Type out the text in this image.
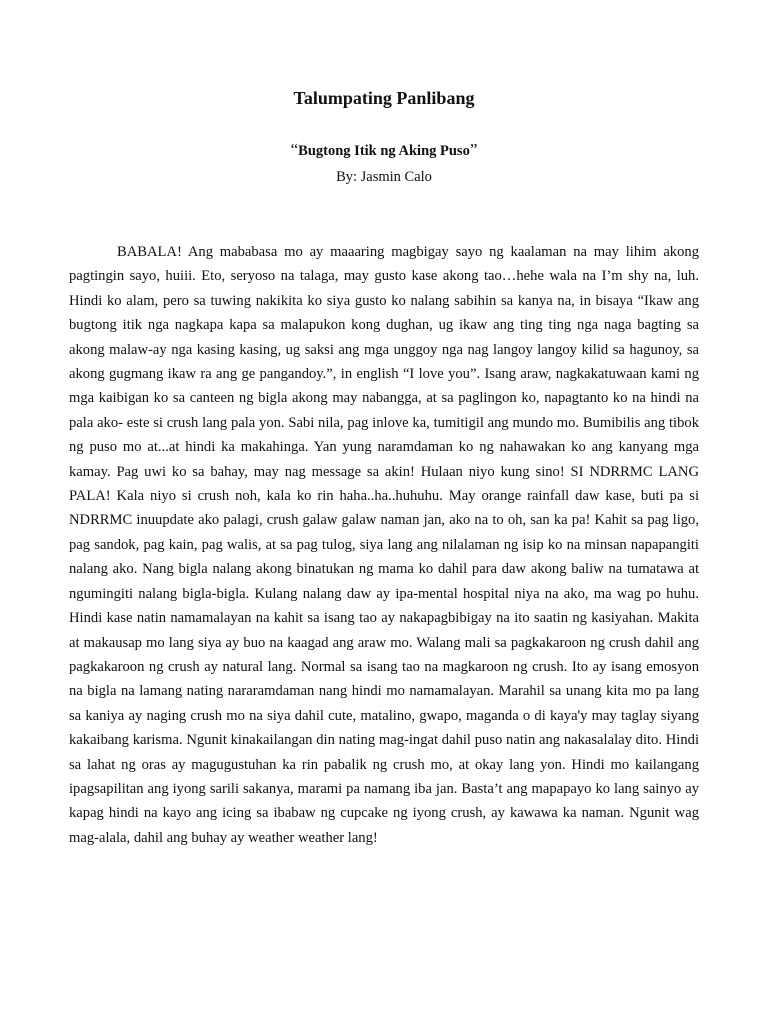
Talumpating Panlibang
“Bugtong Itik ng Aking Puso”
By: Jasmin Calo

BABALA! Ang mababasa mo ay maaaring magbigay sayo ng kaalaman na may lihim akong pagtingin sayo, huiii. Eto, seryoso na talaga, may gusto kase akong tao…hehe wala na I’m shy na, luh. Hindi ko alam, pero sa tuwing nakikita ko siya gusto ko nalang sabihin sa kanya na, in bisaya “Ikaw ang bugtong itik nga nagkapa kapa sa malapukon kong dughan, ug ikaw ang ting ting nga naga bagting sa akong malaw-ay nga kasing kasing, ug saksi ang mga unggoy nga nag langoy langoy kilid sa hagunoy, sa akong gugmang ikaw ra ang ge pangandoy.”, in english “I love you”. Isang araw, nagkakatuwaan kami ng mga kaibigan ko sa canteen ng bigla akong may nabangga, at sa paglingon ko, napagtanto ko na hindi na pala ako- este si crush lang pala yon. Sabi nila, pag inlove ka, tumitigil ang mundo mo. Bumibilis ang tibok ng puso mo at...at hindi ka makahinga. Yan yung naramdaman ko ng nahawakan ko ang kanyang mga kamay. Pag uwi ko sa bahay, may nag message sa akin! Hulaan niyo kung sino! SI NDRRMC LANG PALA! Kala niyo si crush noh, kala ko rin haha..ha..huhuhu. May orange rainfall daw kase, buti pa si NDRRMC inuupdate ako palagi, crush galaw galaw naman jan, ako na to oh, san ka pa! Kahit sa pag ligo, pag sandok, pag kain, pag walis, at sa pag tulog, siya lang ang nilalaman ng isip ko na minsan napapangiti nalang ako. Nang bigla nalang akong binatukan ng mama ko dahil para daw akong baliw na tumatawa at ngumingiti nalang bigla-bigla. Kulang nalang daw ay ipa-mental hospital niya na ako, ma wag po huhu. Hindi kase natin namamalayan na kahit sa isang tao ay nakapagbibigay na ito saatin ng kasiyahan. Makita at makausap mo lang siya ay buo na kaagad ang araw mo. Walang mali sa pagkakaroon ng crush dahil ang pagkakaroon ng crush ay natural lang. Normal sa isang tao na magkaroon ng crush. Ito ay isang emosyon na bigla na lamang nating nararamdaman nang hindi mo namamalayan. Marahil sa unang kita mo pa lang sa kaniya ay naging crush mo na siya dahil cute, matalino, gwapo, maganda o di kaya'y may taglay siyang kakaibang karisma. Ngunit kinakailangan din nating mag-ingat dahil puso natin ang nakasalalay dito. Hindi sa lahat ng oras ay magugustuhan ka rin pabalik ng crush mo, at okay lang yon. Hindi mo kailangang ipagsapilitan ang iyong sarili sakanya, marami pa namang iba jan. Basta’t ang mapapayo ko lang sainyo ay kapag hindi na kayo ang icing sa ibabaw ng cupcake ng iyong crush, ay kawawa ka naman. Ngunit wag mag-alala, dahil ang buhay ay weather weather lang!
